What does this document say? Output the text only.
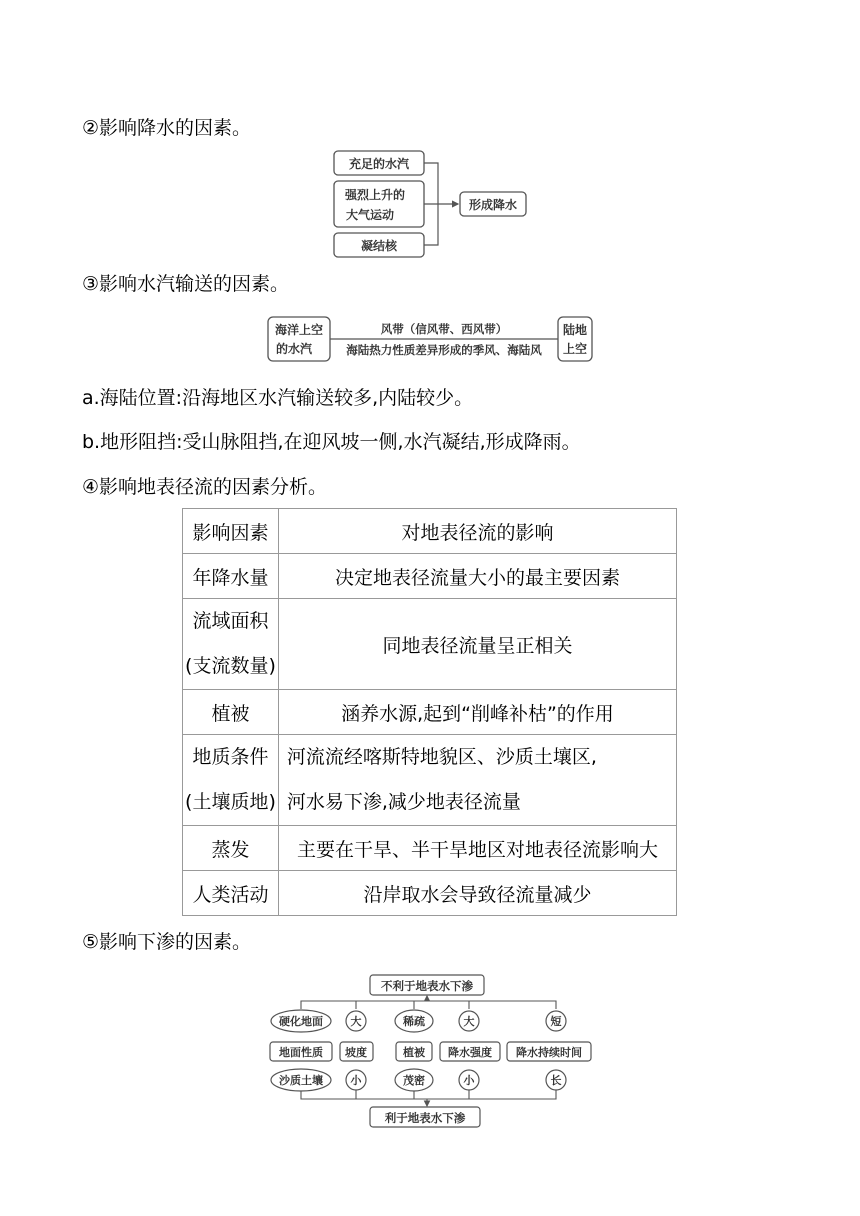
②影响降水的因素。
充足的水汽
强烈上升的
大气运动
凝结核
形成降水
③影响水汽输送的因素。
海洋上空
的水汽
风带（信风带、西风带）
海陆热力性质差异形成的季风、海陆风
陆地
上空
a.海陆位置:沿海地区水汽输送较多,内陆较少。
b.地形阻挡:受山脉阻挡,在迎风坡一侧,水汽凝结,形成降雨。
④影响地表径流的因素分析。
影响因素	对地表径流的影响
年降水量	决定地表径流量大小的最主要因素

流域面积
(支流数量)	同地表径流量呈正相关
植被	涵养水源,起到“削峰补枯”的作用

地质条件
(土壤质地)	河流流经喀斯特地貌区、沙质土壤区,
河水易下渗,减少地表径流量

蒸发	主要在干旱、半干旱地区对地表径流影响大
人类活动	沿岸取水会导致径流量减少
⑤影响下渗的因素。
不利于地表水下渗
硬化地面	大	稀疏	大	短
地面性质 坡度	植被 降水强度 降水持续时间
沙质土壤	小	茂密	小	长
利于地表水下渗
